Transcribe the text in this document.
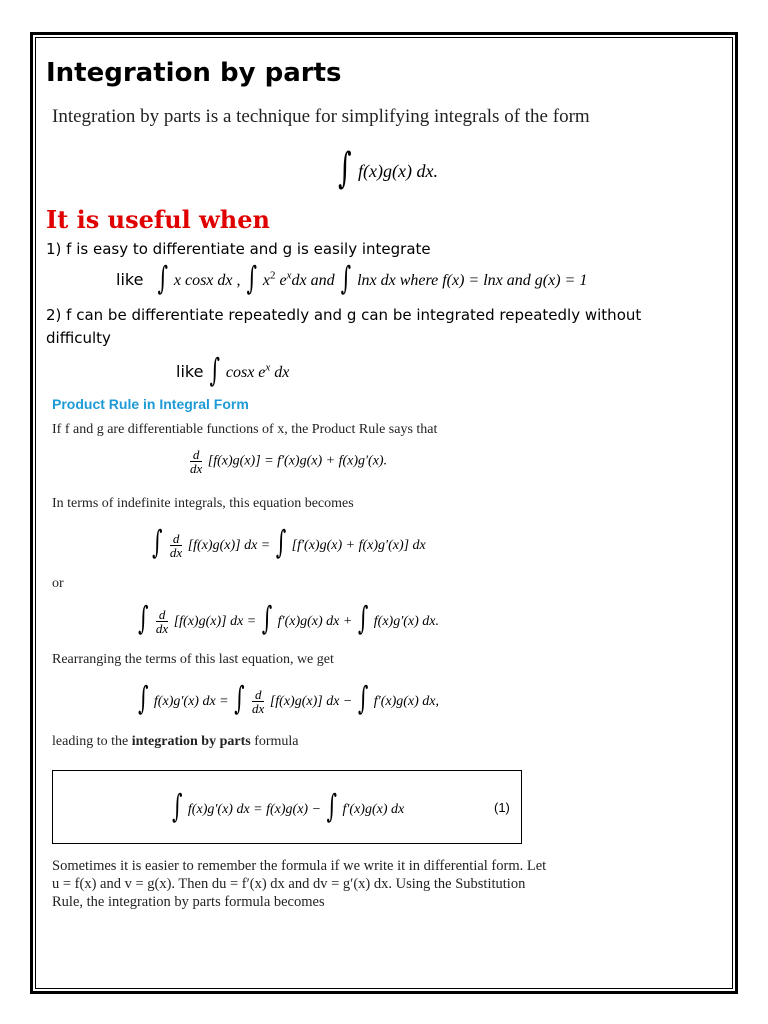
Integration by parts
Integration by parts is a technique for simplifying integrals of the form
∫ f(x)g(x) dx.
It is useful when
1) f is easy to differentiate and g is easily integrate
like ∫ x cosx dx , ∫ $x^2$ $e^xdx$ and ∫ lnx dx where f(x) = lnx and g(x) = 1
2) f can be differentiate repeatedly and g can be integrated repeatedly without
difficulty
like ∫ cosx $e^x$ dx
Product Rule in Integral Form
If f and g are differentiable functions of x, the Product Rule says that
$\frac{d}{dx} [f(x)g(x)] = f'(x)g(x) + f(x)g'(x)$.
In terms of indefinite integrals, this equation becomes
∫ $\frac{d}{dx} [f(x)g(x)]$ dx = ∫ [f′(x)g(x) + f(x)g′(x)] dx
or
∫ $\frac{d}{dx} [f(x)g(x)]$ dx = ∫ f′(x)g(x) dx + ∫ f(x)g′(x) dx.
Rearranging the terms of this last equation, we get
∫ f(x)g′(x) dx = ∫ $\frac{d}{dx} [f(x)g(x)]$ dx − ∫ f′(x)g(x) dx,
leading to the integration by parts formula
∫ f(x)g′(x) dx = f(x)g(x) − ∫ f′(x)g(x) dx	(1)
Sometimes it is easier to remember the formula if we write it in differential form. Let
u = f(x) and v = g(x). Then du = f′(x) dx and dv = g′(x) dx. Using the Substitution
Rule, the integration by parts formula becomes
